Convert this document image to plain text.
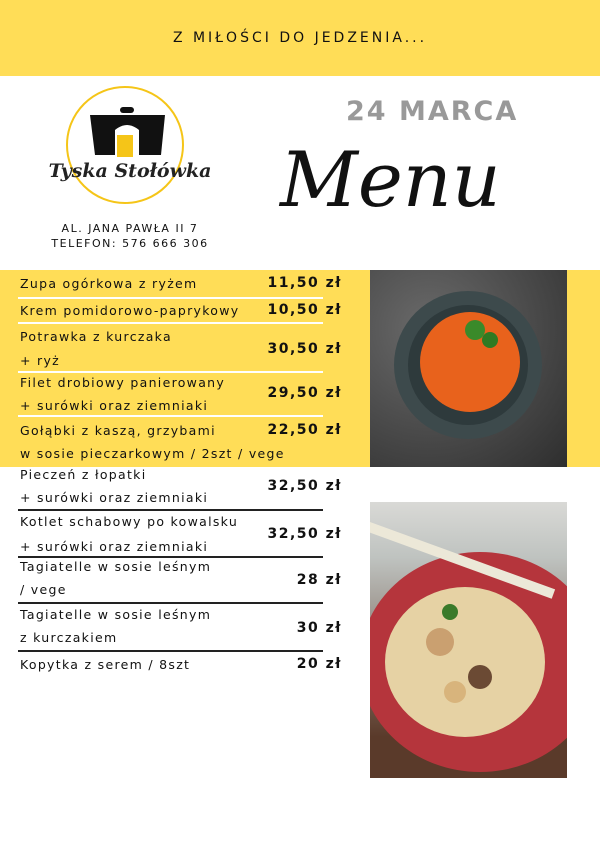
Z MIŁOŚCI DO JEDZENIA...
Tyska Stołówka
AL. JANA PAWŁA II 7
TELEFON: 576 666 306
24 MARCA
Menu
Zupa ogórkowa z ryżem	11,50 zł
Krem pomidorowo-paprykowy 10,50 zł
Potrawka z kurczaka
+ ryż
30,50 zł
Filet drobiowy panierowany
+ surówki oraz ziemniaki
29,50 zł
Gołąbki z kaszą, grzybami
w sosie pieczarkowym / 2szt / vege
22,50 zł
Pieczeń z łopatki
+ surówki oraz ziemniaki
32,50 zł
Kotlet schabowy po kowalsku
+ surówki oraz ziemniaki
32,50 zł
Tagiatelle w sosie leśnym
/ vege
28 zł
Tagiatelle w sosie leśnym
z kurczakiem
30 zł
Kopytka z serem / 8szt	20 zł
